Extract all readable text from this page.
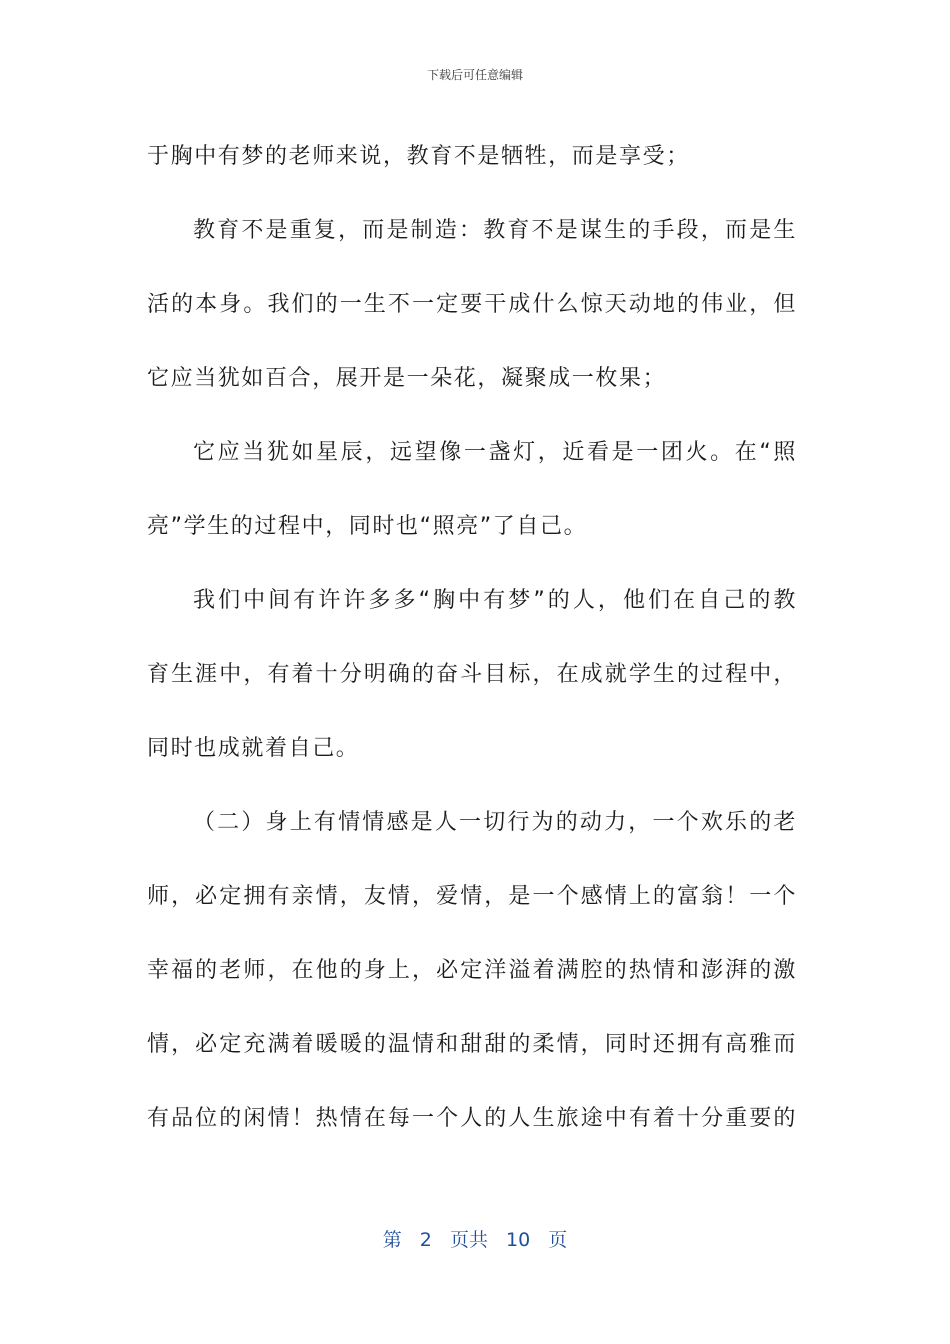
下载后可任意编辑
于胸中有梦的老师来说，教育不是牺牲，而是享受；
教育不是重复，而是制造：教育不是谋生的手段，而是生
活的本身。我们的一生不一定要干成什么惊天动地的伟业，但
它应当犹如百合，展开是一朵花，凝聚成一枚果；
它应当犹如星辰，远望像一盏灯，近看是一团火。在“照
亮”学生的过程中，同时也“照亮”了自己。
我们中间有许许多多“胸中有梦”的人，他们在自己的教
育生涯中，有着十分明确的奋斗目标，在成就学生的过程中，
同时也成就着自己。
（二）身上有情情感是人一切行为的动力，一个欢乐的老
师，必定拥有亲情，友情，爱情，是一个感情上的富翁！一个
幸福的老师，在他的身上，必定洋溢着满腔的热情和澎湃的激
情，必定充满着暖暖的温情和甜甜的柔情，同时还拥有高雅而
有品位的闲情！热情在每一个人的人生旅途中有着十分重要的
第 2 页共 10 页
